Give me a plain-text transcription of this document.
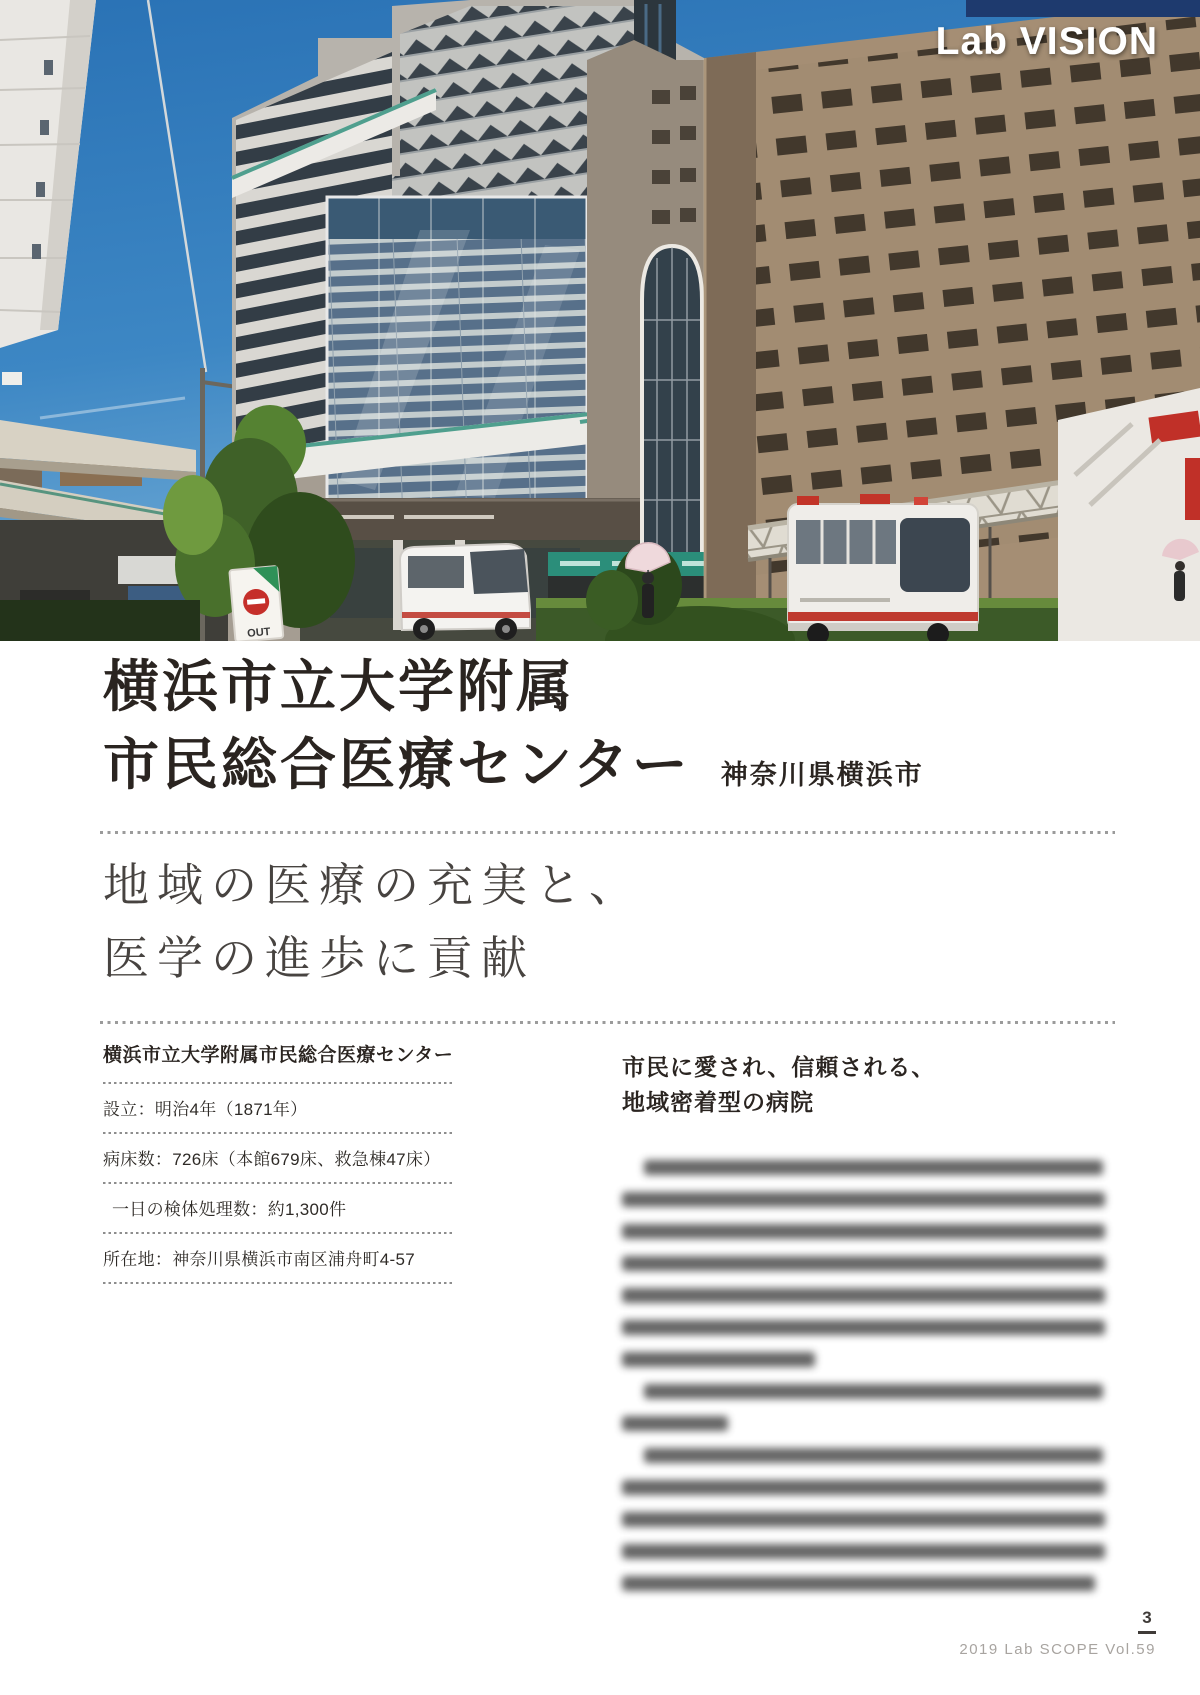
OUT
Lab VISION
横浜市立大学附属
市民総合医療センター 神奈川県横浜市
地域の医療の充実と、
医学の進歩に貢献
横浜市立大学附属市民総合医療センター
設立：明治4年（1871年）
病床数：726床（本館679床、救急棟47床）
一日の検体処理数：約1,300件
所在地：神奈川県横浜市南区浦舟町4-57
市民に愛され、信頼される、
地域密着型の病院
3
2019 Lab SCOPE Vol.59
